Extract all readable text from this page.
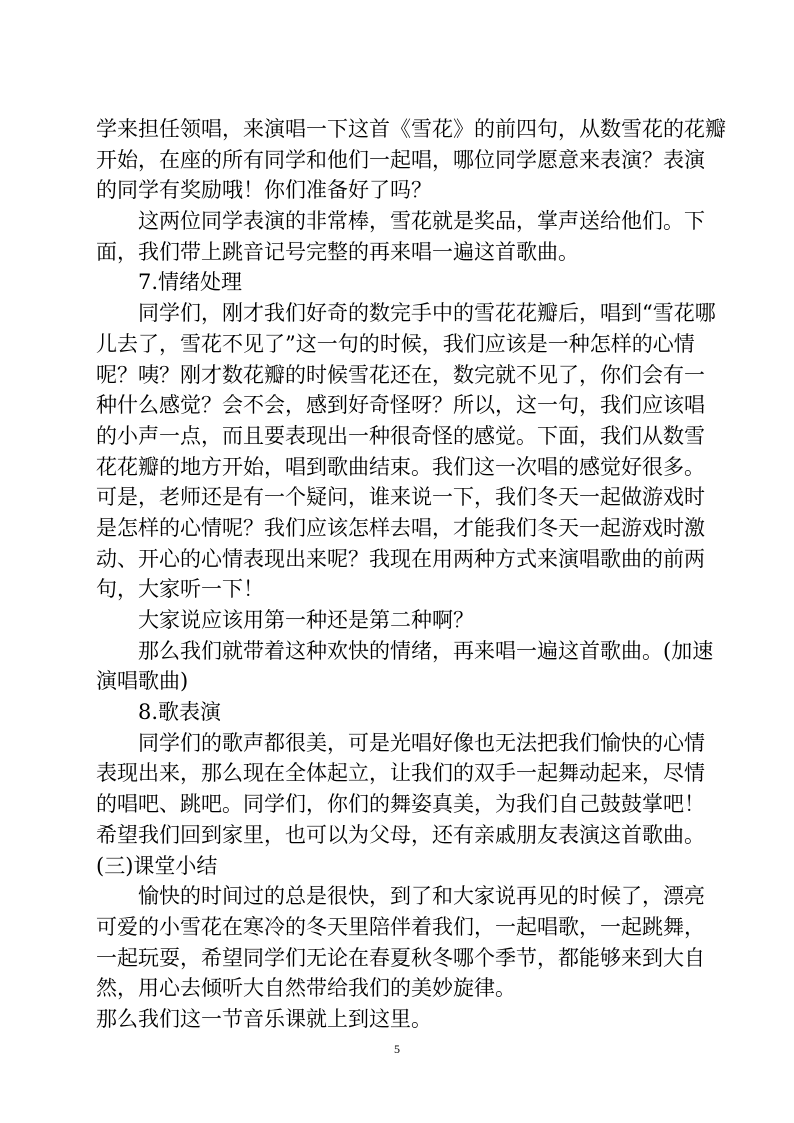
学来担任领唱，来演唱一下这首《雪花》的前四句，从数雪花的花瓣
开始，在座的所有同学和他们一起唱，哪位同学愿意来表演？表演
的同学有奖励哦！你们准备好了吗？
这两位同学表演的非常棒，雪花就是奖品，掌声送给他们。下
面，我们带上跳音记号完整的再来唱一遍这首歌曲。
7.情绪处理
同学们，刚才我们好奇的数完手中的雪花花瓣后，唱到“雪花哪
儿去了，雪花不见了”这一句的时候，我们应该是一种怎样的心情
呢？咦？刚才数花瓣的时候雪花还在，数完就不见了，你们会有一
种什么感觉？会不会，感到好奇怪呀？所以，这一句，我们应该唱
的小声一点，而且要表现出一种很奇怪的感觉。下面，我们从数雪
花花瓣的地方开始，唱到歌曲结束。我们这一次唱的感觉好很多。
可是，老师还是有一个疑问，谁来说一下，我们冬天一起做游戏时
是怎样的心情呢？我们应该怎样去唱，才能我们冬天一起游戏时激
动、开心的心情表现出来呢？我现在用两种方式来演唱歌曲的前两
句，大家听一下！
大家说应该用第一种还是第二种啊？
那么我们就带着这种欢快的情绪，再来唱一遍这首歌曲。(加速
演唱歌曲)
8.歌表演
同学们的歌声都很美，可是光唱好像也无法把我们愉快的心情
表现出来，那么现在全体起立，让我们的双手一起舞动起来，尽情
的唱吧、跳吧。同学们，你们的舞姿真美，为我们自己鼓鼓掌吧！
希望我们回到家里，也可以为父母，还有亲戚朋友表演这首歌曲。
(三)课堂小结
愉快的时间过的总是很快，到了和大家说再见的时候了，漂亮
可爱的小雪花在寒冷的冬天里陪伴着我们，一起唱歌，一起跳舞，
一起玩耍，希望同学们无论在春夏秋冬哪个季节，都能够来到大自
然，用心去倾听大自然带给我们的美妙旋律。
那么我们这一节音乐课就上到这里。
5
